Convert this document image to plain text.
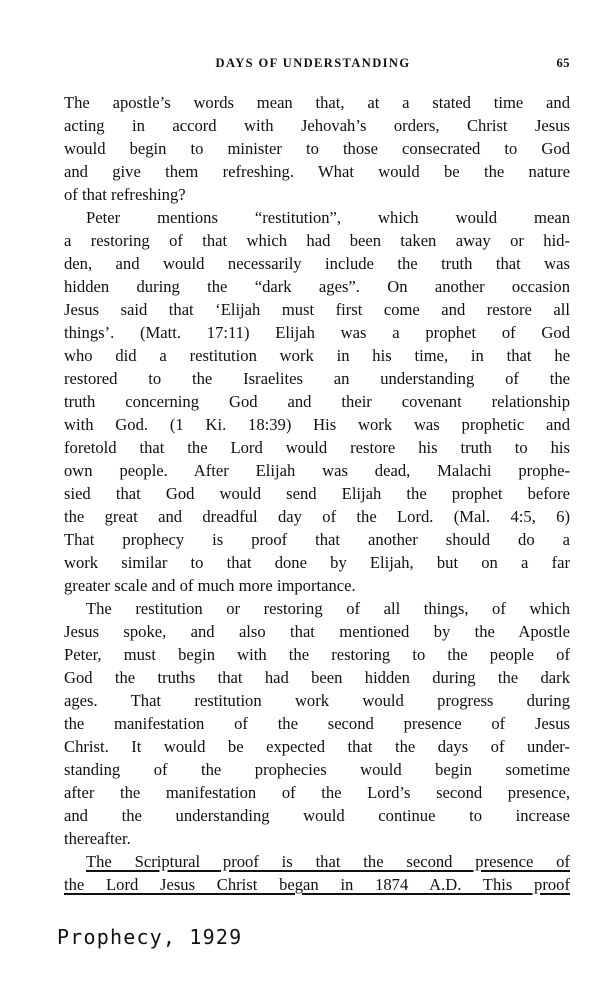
DAYS OF UNDERSTANDING	65
The apostle’s words mean that, at a stated time and
acting in accord with Jehovah’s orders, Christ Jesus
would begin to minister to those consecrated to God
and give them refreshing. What would be the nature
of that refreshing?
Peter mentions “restitution”, which would mean
a restoring of that which had been taken away or hid-
den, and would necessarily include the truth that was
hidden during the “dark ages”. On another occasion
Jesus said that ‘Elijah must first come and restore all
things’. (Matt. 17:11) Elijah was a prophet of God
who did a restitution work in his time, in that he
restored to the Israelites an understanding of the
truth concerning God and their covenant relationship
with God. (1 Ki. 18:39) His work was prophetic and
foretold that the Lord would restore his truth to his
own people. After Elijah was dead, Malachi prophe-
sied that God would send Elijah the prophet before
the great and dreadful day of the Lord. (Mal. 4:5, 6)
That prophecy is proof that another should do a
work similar to that done by Elijah, but on a far
greater scale and of much more importance.
The restitution or restoring of all things, of which
Jesus spoke, and also that mentioned by the Apostle
Peter, must begin with the restoring to the people of
God the truths that had been hidden during the dark
ages. That restitution work would progress during
the manifestation of the second presence of Jesus
Christ. It would be expected that the days of under-
standing of the prophecies would begin sometime
after the manifestation of the Lord’s second presence,
and the understanding would continue to increase
thereafter.
The Scriptural proof is that the second presence of
the Lord Jesus Christ began in 1874 A.D. This proof
Prophecy, 1929
